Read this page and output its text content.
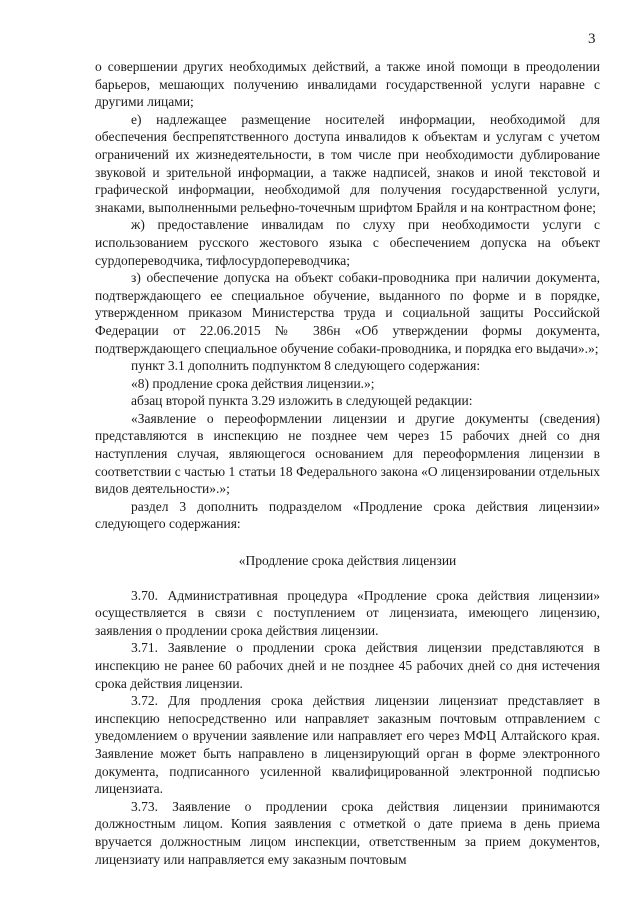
3

о совершении других необходимых действий, а также иной помощи в преодолении барьеров, мешающих получению инвалидами государственной услуги наравне с другими лицами;

е) надлежащее размещение носителей информации, необходимой для обеспечения беспрепятственного доступа инвалидов к объектам и услугам с учетом ограничений их жизнедеятельности, в том числе при необходимости дублирование звуковой и зрительной информации, а также надписей, знаков и иной текстовой и графической информации, необходимой для получения государственной услуги, знаками, выполненными рельефно-точечным шрифтом Брайля и на контрастном фоне;

ж) предоставление инвалидам по слуху при необходимости услуги с использованием русского жестового языка с обеспечением допуска на объект сурдопереводчика, тифлосурдопереводчика;

з) обеспечение допуска на объект собаки-проводника при наличии документа, подтверждающего ее специальное обучение, выданного по форме и в порядке, утвержденном приказом Министерства труда и социальной защиты Российской Федерации от 22.06.2015 № 386н «Об утверждении формы документа, подтверждающего специальное обучение собаки-проводника, и порядка его выдачи».»;

пункт 3.1 дополнить подпунктом 8 следующего содержания:

«8) продление срока действия лицензии.»;

абзац второй пункта 3.29 изложить в следующей редакции:

«Заявление о переоформлении лицензии и другие документы (сведения) представляются в инспекцию не позднее чем через 15 рабочих дней со дня наступления случая, являющегося основанием для переоформления лицензии в соответствии с частью 1 статьи 18 Федерального закона «О лицензировании отдельных видов деятельности».»;

раздел 3 дополнить подразделом «Продление срока действия лицензии» следующего содержания:

«Продление срока действия лицензии

3.70. Административная процедура «Продление срока действия лицензии» осуществляется в связи с поступлением от лицензиата, имеющего лицензию, заявления о продлении срока действия лицензии.

3.71. Заявление о продлении срока действия лицензии представляются в инспекцию не ранее 60 рабочих дней и не позднее 45 рабочих дней со дня истечения срока действия лицензии.

3.72. Для продления срока действия лицензии лицензиат представляет в инспекцию непосредственно или направляет заказным почтовым отправлением с уведомлением о вручении заявление или направляет его через МФЦ Алтайского края. Заявление может быть направлено в лицензирующий орган в форме электронного документа, подписанного усиленной квалифицированной электронной подписью лицензиата.

3.73. Заявление о продлении срока действия лицензии принимаются должностным лицом. Копия заявления с отметкой о дате приема в день приема вручается должностным лицом инспекции, ответственным за прием документов, лицензиату или направляется ему заказным почтовым
